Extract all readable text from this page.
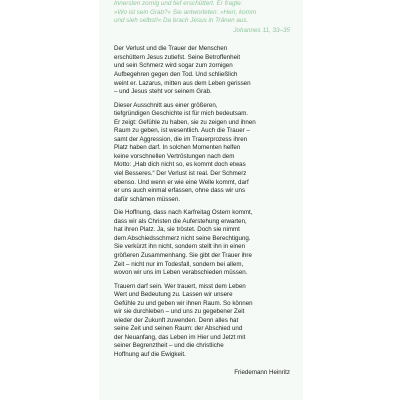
Innersten zornig und tief erschüttert. Er fragte:
»Wo ist sein Grab?« Sie antworteten: »Herr, komm
und sieh selbst!« Da brach Jesus in Tränen aus.

Johannes 11, 33–35

Der Verlust und die Trauer der Menschen
erschüttern Jesus zutiefst. Seine Betroffenheit
und sein Schmerz wird sogar zum zornigen
Aufbegehren gegen den Tod. Und schließlich
weint er. Lazarus, mitten aus dem Leben gerissen
– und Jesus steht vor seinem Grab.

Dieser Ausschnitt aus einer größeren,
tiefgründigen Geschichte ist für mich bedeutsam.
Er zeigt: Gefühle zu haben, sie zu zeigen und ihnen
Raum zu geben, ist wesentlich. Auch die Trauer –
samt der Aggression, die im Trauerprozess ihren
Platz haben darf. In solchen Momenten helfen
keine vorschnellen Vertröstungen nach dem
Motto: „Hab dich nicht so, es kommt doch etwas
viel Besseres.“ Der Verlust ist real. Der Schmerz
ebenso. Und wenn er wie eine Welle kommt, darf
er uns auch einmal erfassen, ohne dass wir uns
dafür schämen müssen.

Die Hoffnung, dass nach Karfreitag Ostern kommt,
dass wir als Christen die Auferstehung erwarten,
hat ihren Platz. Ja, sie tröstet. Doch sie nimmt
dem Abschiedsschmerz nicht seine Berechtigung.
Sie verkürzt ihn nicht, sondern stellt ihn in einen
größeren Zusammenhang. Sie gibt der Trauer ihre
Zeit – nicht nur im Todesfall, sondern bei allem,
wovon wir uns im Leben verabschieden müssen.

Trauern darf sein. Wer trauert, misst dem Leben
Wert und Bedeutung zu. Lassen wir unsere
Gefühle zu und geben wir ihnen Raum. So können
wir sie durchleben – und uns zu gegebener Zeit
wieder der Zukunft zuwenden. Denn alles hat
seine Zeit und seinen Raum: der Abschied und
der Neuanfang, das Leben im Hier und Jetzt mit
seiner Begrenztheit – und die christliche
Hoffnung auf die Ewigkeit.

Friedemann Heinritz
